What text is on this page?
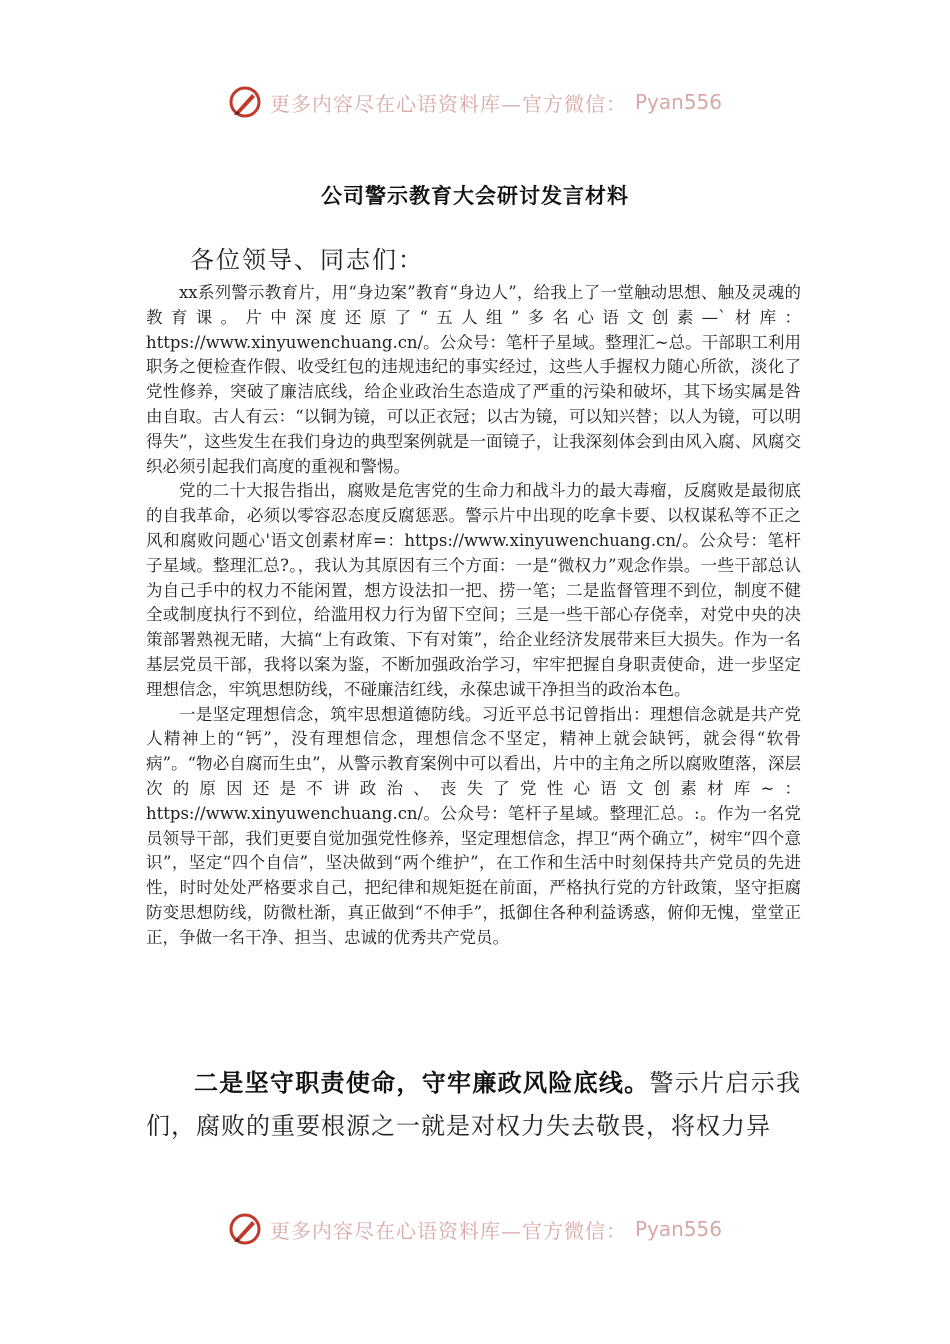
更多内容尽在心语资料库—官方微信： Pyan556
公司警示教育大会研讨发言材料
各位领导、同志们：

xx系列警示教育片，用“身边案”教育“身边人”，给我上了一堂触动思想、触及灵魂的教育课。片中深度还原了“五人组”多名心语文创素—`材库：https://www.xinyuwenchuang.cn/。公众号：笔杆子星域。整理汇~总。干部职工利用职务之便检查作假、收受红包的违规违纪的事实经过，这些人手握权力随心所欲，淡化了党性修养，突破了廉洁底线，给企业政治生态造成了严重的污染和破坏，其下场实属是咎由自取。古人有云：“以铜为镜，可以正衣冠；以古为镜，可以知兴替；以人为镜，可以明得失”，这些发生在我们身边的典型案例就是一面镜子，让我深刻体会到由风入腐、风腐交织必须引起我们高度的重视和警惕。

党的二十大报告指出，腐败是危害党的生命力和战斗力的最大毒瘤，反腐败是最彻底的自我革命，必须以零容忍态度反腐惩恶。警示片中出现的吃拿卡要、以权谋私等不正之风和腐败问题心'语文创素材库=：https://www.xinyuwenchuang.cn/。公众号：笔杆子星域。整理汇总?。，我认为其原因有三个方面：一是“微权力”观念作祟。一些干部总认为自己手中的权力不能闲置，想方设法扣一把、捞一笔；二是监督管理不到位，制度不健全或制度执行不到位，给滥用权力行为留下空间；三是一些干部心存侥幸，对党中央的决策部署熟视无睹，大搞“上有政策、下有对策”，给企业经济发展带来巨大损失。作为一名基层党员干部，我将以案为鉴，不断加强政治学习，牢牢把握自身职责使命，进一步坚定理想信念，牢筑思想防线，不碰廉洁红线，永葆忠诚干净担当的政治本色。

一是坚定理想信念，筑牢思想道德防线。习近平总书记曾指出：理想信念就是共产党人精神上的“钙”，没有理想信念，理想信念不坚定，精神上就会缺钙，就会得“软骨病”。“物必自腐而生虫”，从警示教育案例中可以看出，片中的主角之所以腐败堕落，深层次的原因还是不讲政治、丧失了党性心语文创素材库~：https://www.xinyuwenchuang.cn/。公众号：笔杆子星域。整理汇总。:。作为一名党员领导干部，我们更要自觉加强党性修养，坚定理想信念，捍卫“两个确立”，树牢“四个意识”，坚定“四个自信”，坚决做到“两个维护”，在工作和生活中时刻保持共产党员的先进性，时时处处严格要求自己，把纪律和规矩挺在前面，严格执行党的方针政策，坚守拒腐防变思想防线，防微杜渐，真正做到“不伸手”，抵御住各种利益诱惑，俯仰无愧，堂堂正正，争做一名干净、担当、忠诚的优秀共产党员。

二是坚守职责使命，守牢廉政风险底线。警示片启示我们，腐败的重要根源之一就是对权力失去敬畏，将权力异
更多内容尽在心语资料库—官方微信： Pyan556
